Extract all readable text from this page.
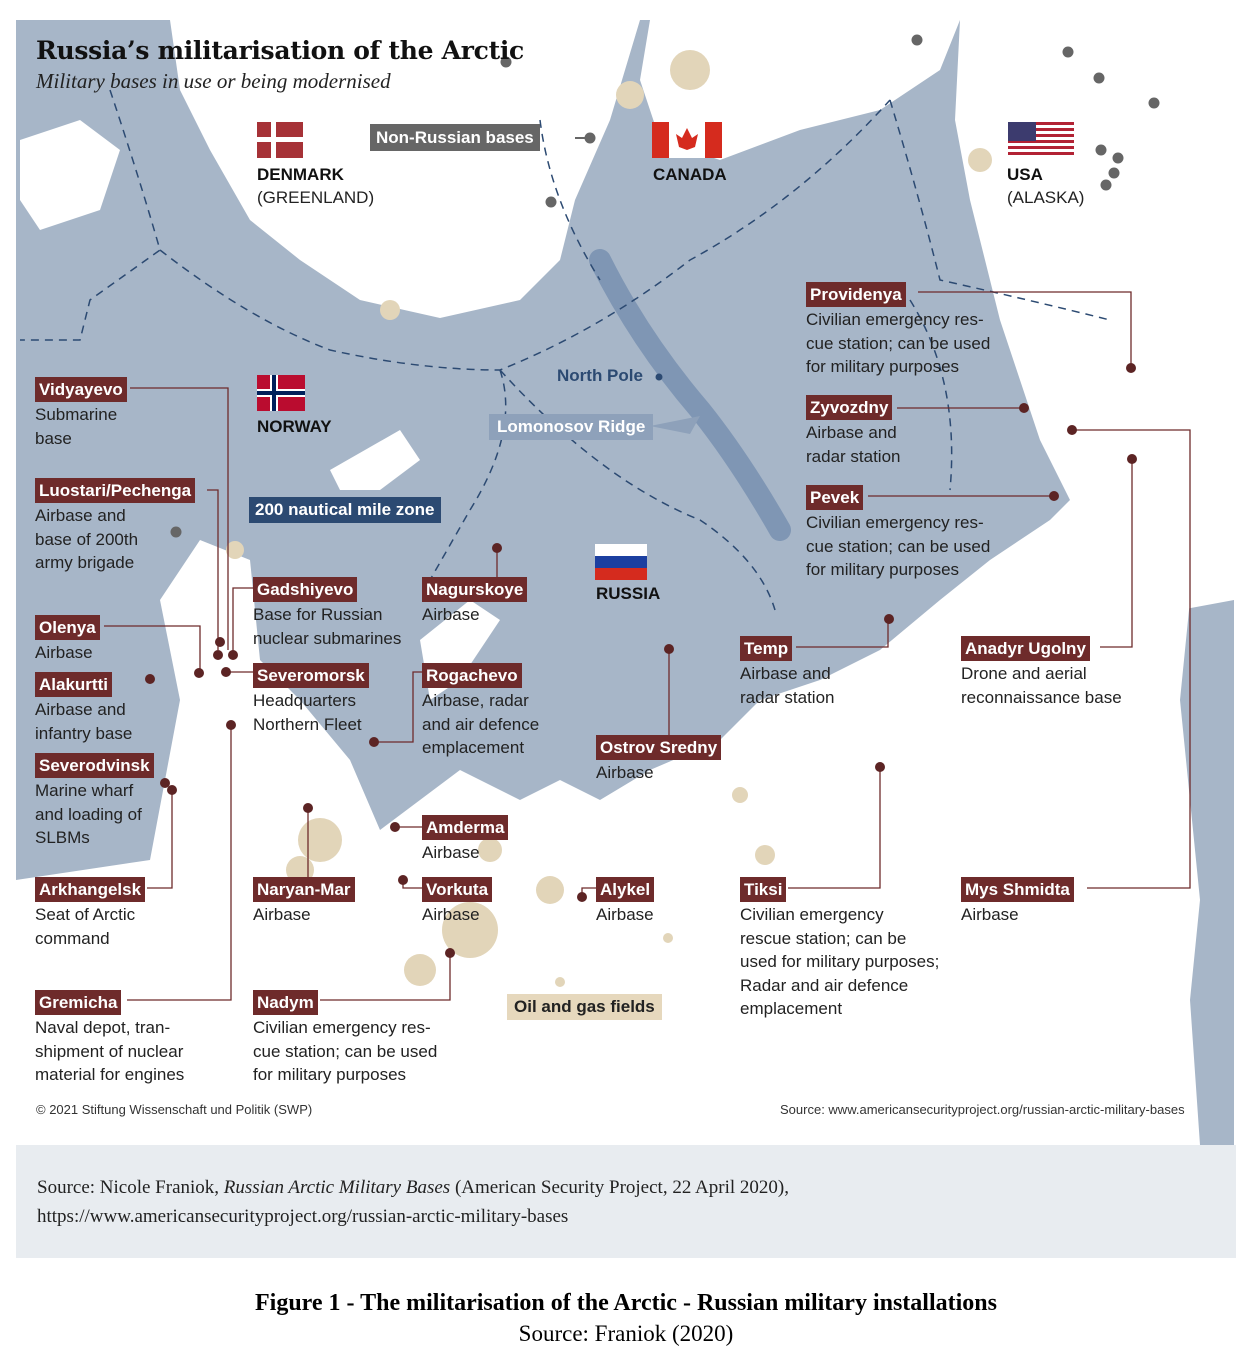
Russia’s militarisation of the Arctic
Military bases in use or being modernised
DENMARK
(GREENLAND)
CANADA	USA
(ALASKA)
NORWAY
RUSSIA
Non-Russian bases
200 nautical mile zone
Lomonosov Ridge
North Pole
Oil and gas fields
Vidyayevo
Submarine
base
Luostari/Pechenga
Airbase and
base of 200th
army brigade
Gadshiyevo
Base for Russian
nuclear submarines
Nagurskoye
Airbase
Olenya
Airbase
Alakurtti
Airbase and
infantry base
Severomorsk
Headquarters
Northern Fleet
Rogachevo
Airbase, radar
and air defence
emplacement
Severodvinsk
Marine wharf
and loading of
SLBMs
Amderma
Airbase
Ostrov Sredny
Airbase
Arkhangelsk
Seat of Arctic
command
Naryan-Mar
Airbase
Vorkuta
Airbase
Alykel
Airbase
Tiksi
Civilian emergency
rescue station; can be
used for military purposes;
Radar and air defence
emplacement
Mys Shmidta
Airbase
Gremicha
Naval depot, tran-
shipment of nuclear
material for engines
Nadym
Civilian emergency res-
cue station; can be used
for military purposes
Providenya
Civilian emergency res-
cue station; can be used
for military purposes
Zyvozdny
Airbase and
radar station
Pevek
Civilian emergency res-
cue station; can be used
for military purposes
Temp
Airbase and
radar station
Anadyr Ugolny
Drone and aerial
reconnaissance base
© 2021 Stiftung Wissenschaft und Politik (SWP)	Source: www.americansecurityproject.org/russian-arctic-military-bases
Source: Nicole Franiok, Russian Arctic Military Bases (American Security Project, 22 April 2020),
https://www.americansecurityproject.org/russian-arctic-military-bases
Figure 1 - The militarisation of the Arctic - Russian military installations
Source: Franiok (2020)
